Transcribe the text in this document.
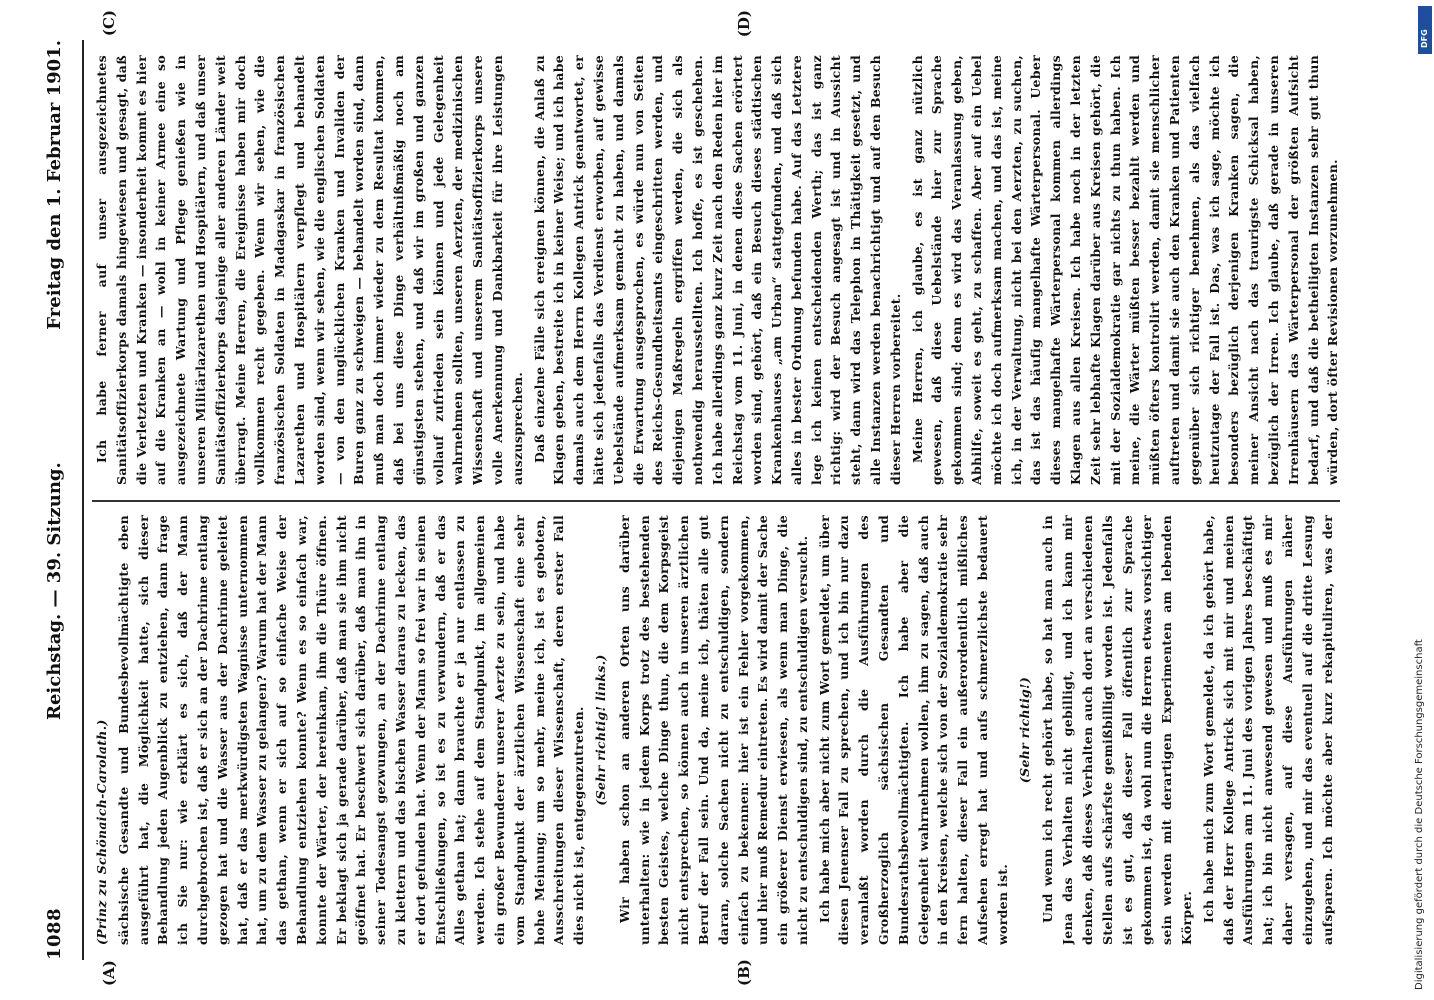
1088
Reichstag. — 39. Sitzung.
Freitag den 1. Februar 1901.
(A)	(B)
(C)	(D)

(Prinz zu Schönaich-Carolath.) sächsische Gesandte und Bundesbevollmächtigte eben ausgeführt hat, die Möglichkeit hatte, sich dieser Behandlung jeden Augenblick zu entziehen, dann frage ich Sie nur: wie erklärt es sich, daß der Mann durchgebrochen ist, daß er sich an der Dachrinne entlang gezogen hat und die Wasser aus der Dachrinne geleitet hat, daß er das merkwürdigsten Wagnisse unternommen hat, um zu dem Wasser zu gelangen? Warum hat der Mann das gethan, wenn er sich auf so einfache Weise der Behandlung entziehen konnte? Wenn es so einfach war, konnte der Wärter, der hereinkam, ihm die Thüre öffnen. Er beklagt sich ja gerade darüber, daß man sie ihm nicht geöffnet hat. Er beschwert sich darüber, daß man ihn in seiner Todesangst gezwungen, an der Dachrinne entlang zu klettern und das bischen Wasser daraus zu lecken, das er dort gefunden hat. Wenn der Mann so frei war in seinen Entschließungen, so ist es zu verwundern, daß er das Alles gethan hat; dann brauchte er ja nur entlassen zu werden. Ich stehe auf dem Standpunkt, im allgemeinen ein großer Bewunderer unserer Aerzte zu sein, und habe vom Standpunkt der ärztlichen Wissenschaft eine sehr hohe Meinung; um so mehr, meine ich, ist es geboten, Ausschreitungen dieser Wissenschaft, deren erster Fall dies nicht ist, entgegenzutreten. (Sehr richtig! links.) Wir haben schon an anderen Orten uns darüber unterhalten: wie in jedem Korps trotz des bestehenden besten Geistes, welche Dinge thun, die dem Korpsgeist nicht entsprechen, so können auch in unseren ärztlichen Beruf der Fall sein. Und da, meine ich, thäten alle gut daran, solche Sachen nicht zu entschuldigen, sondern einfach zu bekennen: hier ist ein Fehler vorgekommen, und hier muß Remedur eintreten. Es wird damit der Sache ein größerer Dienst erwiesen, als wenn man Dinge, die nicht zu entschuldigen sind, zu entschuldigen versucht. Ich habe mich aber nicht zum Wort gemeldet, um über diesen Jenenser Fall zu sprechen, und ich bin nur dazu veranlaßt worden durch die Ausführungen des Großherzoglich sächsischen Gesandten und Bundesrathsbevollmächtigten. Ich habe aber die Gelegenheit wahrnehmen wollen, ihm zu sagen, daß auch in den Kreisen, welche sich von der Sozialdemokratie sehr fern halten, dieser Fall ein außerordentlich mißliches Aufsehen erregt hat und aufs schmerzlichste bedauert worden ist.

(Sehr richtig!) Und wenn ich recht gehört habe, so hat man auch in Jena das Verhalten nicht gebilligt, und ich kann mir denken, daß dieses Verhalten auch dort an verschiedenen Stellen aufs schärfste gemißbilligt worden ist. Jedenfalls ist es gut, daß dieser Fall öffentlich zur Sprache gekommen ist, da wohl nun die Herren etwas vorsichtiger sein werden mit derartigen Experimenten am lebenden Körper. Ich habe mich zum Wort gemeldet, da ich gehört habe, daß der Herr Kollege Antrick sich mit mir und meinen Ausführungen am 11. Juni des vorigen Jahres beschäftigt hat; ich bin nicht anwesend gewesen und muß es mir daher versagen, auf diese Ausführungen näher einzugehen, und mir das eventuell auf die dritte Lesung aufsparen. Ich möchte aber kurz rekapituliren, was der

Ich habe ferner auf unser ausgezeichnetes Sanitätsoffizierkorps damals hingewiesen und gesagt, daß die Verletzten und Kranken — insonderheit kommt es hier auf die Kranken an — wohl in keiner Armee eine so ausgezeichnete Wartung und Pflege genießen wie in unseren Militärlazarethen und Hospitälern, und daß unser Sanitätsoffizierkorps dasjenige aller anderen Länder weit überragt. Meine Herren, die Ereignisse haben mir doch vollkommen recht gegeben. Wenn wir sehen, wie die französischen Soldaten in Madagaskar in französischen Lazarethen und Hospitälern verpflegt und behandelt worden sind, wenn wir sehen, wie die englischen Soldaten — von den unglücklichen Kranken und Invaliden der Buren ganz zu schweigen — behandelt worden sind, dann muß man doch immer wieder zu dem Resultat kommen, daß bei uns diese Dinge verhältnißmäßig noch am günstigsten stehen, und daß wir im großen und ganzen vollauf zufrieden sein können und jede Gelegenheit wahrnehmen sollten, unseren Aerzten, der medizinischen Wissenschaft und unserem Sanitätsoffizierkorps unsere volle Anerkennung und Dankbarkeit für ihre Leistungen auszusprechen. Daß einzelne Fälle sich ereignen können, die Anlaß zu Klagen geben, bestreite ich in keiner Weise; und ich habe damals auch dem Herrn Kollegen Antrick geantwortet, er hätte sich jedenfalls das Verdienst erworben, auf gewisse Uebelstände aufmerksam gemacht zu haben, und damals die Erwartung ausgesprochen, es würde nun von Seiten des Reichs-Gesundheitsamts eingeschritten werden, und diejenigen Maßregeln ergriffen werden, die sich als nothwendig herausstellten. Ich hoffe, es ist geschehen. Ich habe allerdings ganz kurz Zeit nach den Reden hier im Reichstag vom 11. Juni, in denen diese Sachen erörtert worden sind, gehört, daß ein Besuch dieses städtischen Krankenhauses „am Urban“ stattgefunden, und daß sich alles in bester Ordnung befunden habe. Auf das Letztere lege ich keinen entscheidenden Werth; das ist ganz richtig: wird der Besuch angesagt ist und in Aussicht steht, dann wird das Telephon in Thätigkeit gesetzt, und alle Instanzen werden benachrichtigt und auf den Besuch dieser Herren vorbereitet. Meine Herren, ich glaube, es ist ganz nützlich gewesen, daß diese Uebelstände hier zur Sprache gekommen sind; denn es wird das Veranlassung geben, Abhilfe, soweit es geht, zu schaffen. Aber auf ein Uebel möchte ich doch aufmerksam machen, und das ist, meine ich, in der Verwaltung, nicht bei den Aerzten, zu suchen, das ist das häufig mangelhafte Wärterpersonal. Ueber dieses mangelhafte Wärterpersonal kommen allerdings Klagen aus allen Kreisen. Ich habe noch in der letzten Zeit sehr lebhafte Klagen darüber aus Kreisen gehört, die mit der Sozialdemokratie gar nichts zu thun haben. Ich meine, die Wärter müßten besser bezahlt werden und müßten öfters kontrolirt werden, damit sie menschlicher auftreten und damit sie auch den Kranken und Patienten gegenüber sich richtiger benehmen, als das vielfach heutzutage der Fall ist. Das, was ich sage, möchte ich besonders bezüglich derjenigen Kranken sagen, die meiner Ansicht nach das traurigste Schicksal haben, bezüglich der Irren. Ich glaube, daß gerade in unseren Irrenhäusern das Wärterpersonal der größten Aufsicht bedarf, und daß die betheiligten Instanzen sehr gut thun würden, dort öfter Revisionen vorzunehmen.

DFG
Digitalisierung gefördert durch die Deutsche Forschungsgemeinschaft
